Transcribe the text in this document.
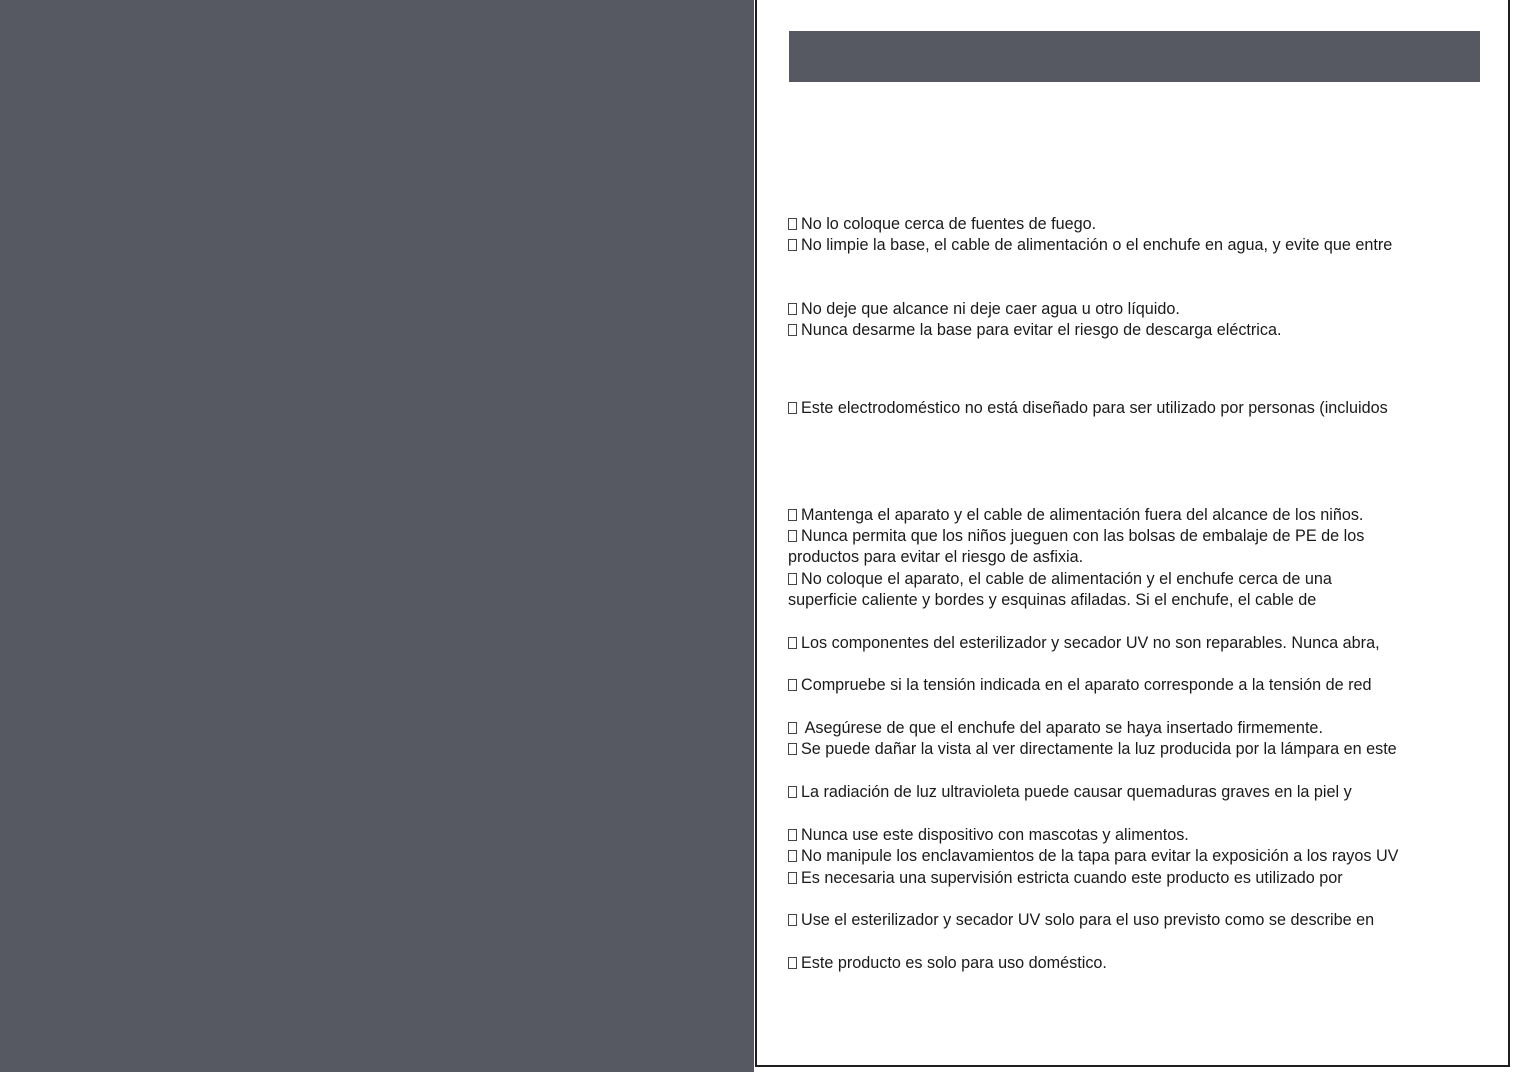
No lo coloque cerca de fuentes de fuego.
No limpie la base, el cable de alimentación o el enchufe en agua, y evite que entre
No deje que alcance ni deje caer agua u otro líquido.
Nunca desarme la base para evitar el riesgo de descarga eléctrica.
Este electrodoméstico no está diseñado para ser utilizado por personas (incluidos
Mantenga el aparato y el cable de alimentación fuera del alcance de los niños.
Nunca permita que los niños jueguen con las bolsas de embalaje de PE de los
productos para evitar el riesgo de asfixia.
No coloque el aparato, el cable de alimentación y el enchufe cerca de una
superficie caliente y bordes y esquinas afiladas. Si el enchufe, el cable de
Los componentes del esterilizador y secador UV no son reparables. Nunca abra,
Compruebe si la tensión indicada en el aparato corresponde a la tensión de red
Asegúrese de que el enchufe del aparato se haya insertado firmemente.
Se puede dañar la vista al ver directamente la luz producida por la lámpara en este
La radiación de luz ultravioleta puede causar quemaduras graves en la piel y
Nunca use este dispositivo con mascotas y alimentos.
No manipule los enclavamientos de la tapa para evitar la exposición a los rayos UV
Es necesaria una supervisión estricta cuando este producto es utilizado por
Use el esterilizador y secador UV solo para el uso previsto como se describe en
Este producto es solo para uso doméstico.
